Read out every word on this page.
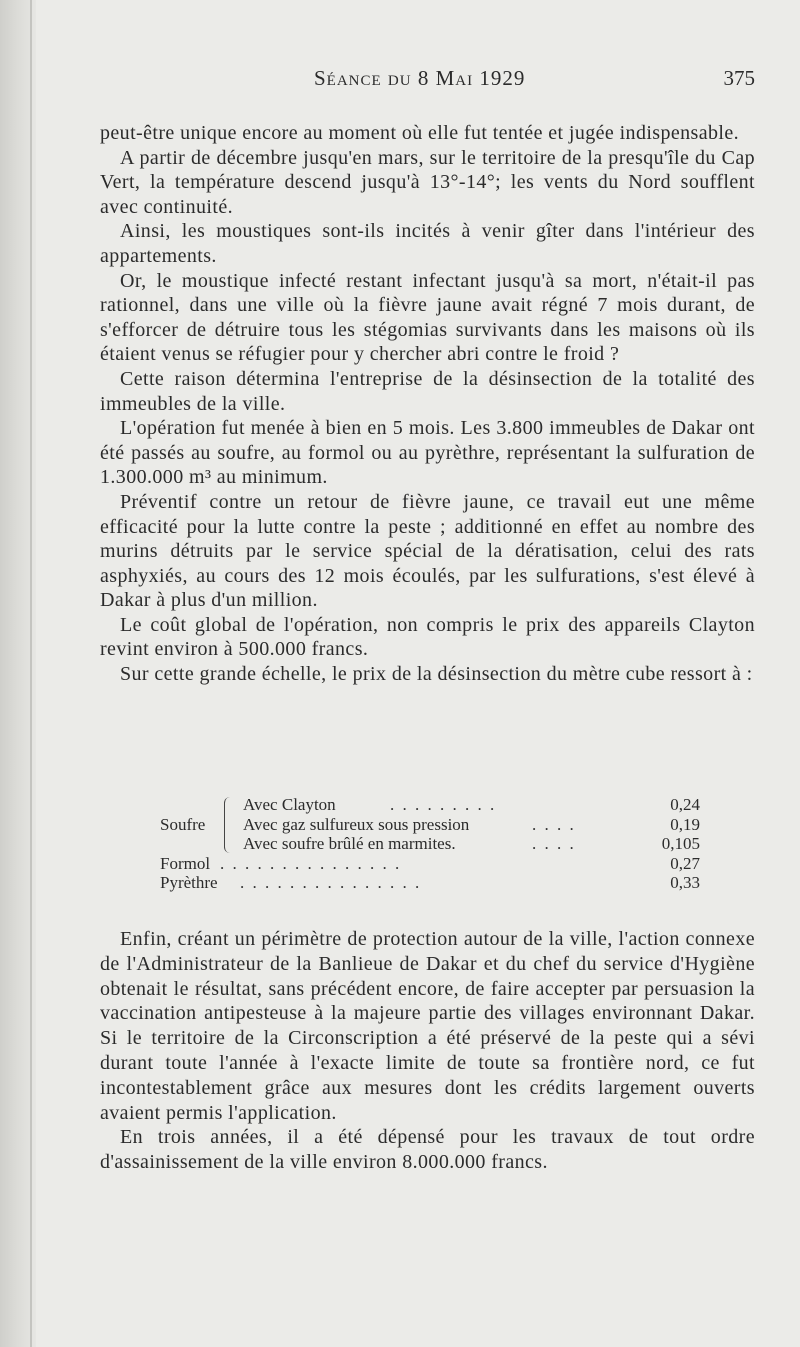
Séance du 8 Mai 1929	375

peut-être unique encore au moment où elle fut tentée et jugée indispensable.

A partir de décembre jusqu'en mars, sur le territoire de la presqu'île du Cap Vert, la température descend jusqu'à 13°-14°; les vents du Nord soufflent avec continuité.

Ainsi, les moustiques sont-ils incités à venir gîter dans l'intérieur des appartements.

Or, le moustique infecté restant infectant jusqu'à sa mort, n'était-il pas rationnel, dans une ville où la fièvre jaune avait régné 7 mois durant, de s'efforcer de détruire tous les stégomias survivants dans les maisons où ils étaient venus se réfugier pour y chercher abri contre le froid ?

Cette raison détermina l'entreprise de la désinsection de la totalité des immeubles de la ville.

L'opération fut menée à bien en 5 mois. Les 3.800 immeubles de Dakar ont été passés au soufre, au formol ou au pyrèthre, représentant la sulfuration de 1.300.000 m³ au minimum.

Préventif contre un retour de fièvre jaune, ce travail eut une même efficacité pour la lutte contre la peste ; additionné en effet au nombre des murins détruits par le service spécial de la dératisation, celui des rats asphyxiés, au cours des 12 mois écoulés, par les sulfurations, s'est élevé à Dakar à plus d'un million.

Le coût global de l'opération, non compris le prix des appareils Clayton revint environ à 500.000 francs.

Sur cette grande échelle, le prix de la désinsection du mètre cube ressort à :

Soufre
Avec Clayton	. . . . . . . . .	0,24
Avec gaz sulfureux sous pression	. . . .	0,19
Avec soufre brûlé en marmites.	. . . .	0,105
Formol . . . . . . . . . . . . . . .	0,27
Pyrèthre . . . . . . . . . . . . . . .	0,33

Enfin, créant un périmètre de protection autour de la ville, l'action connexe de l'Administrateur de la Banlieue de Dakar et du chef du service d'Hygiène obtenait le résultat, sans précédent encore, de faire accepter par persuasion la vaccination antipesteuse à la majeure partie des villages environnant Dakar. Si le territoire de la Circonscription a été préservé de la peste qui a sévi durant toute l'année à l'exacte limite de toute sa frontière nord, ce fut incontestablement grâce aux mesures dont les crédits largement ouverts avaient permis l'application.

En trois années, il a été dépensé pour les travaux de tout ordre d'assainissement de la ville environ 8.000.000 francs.
